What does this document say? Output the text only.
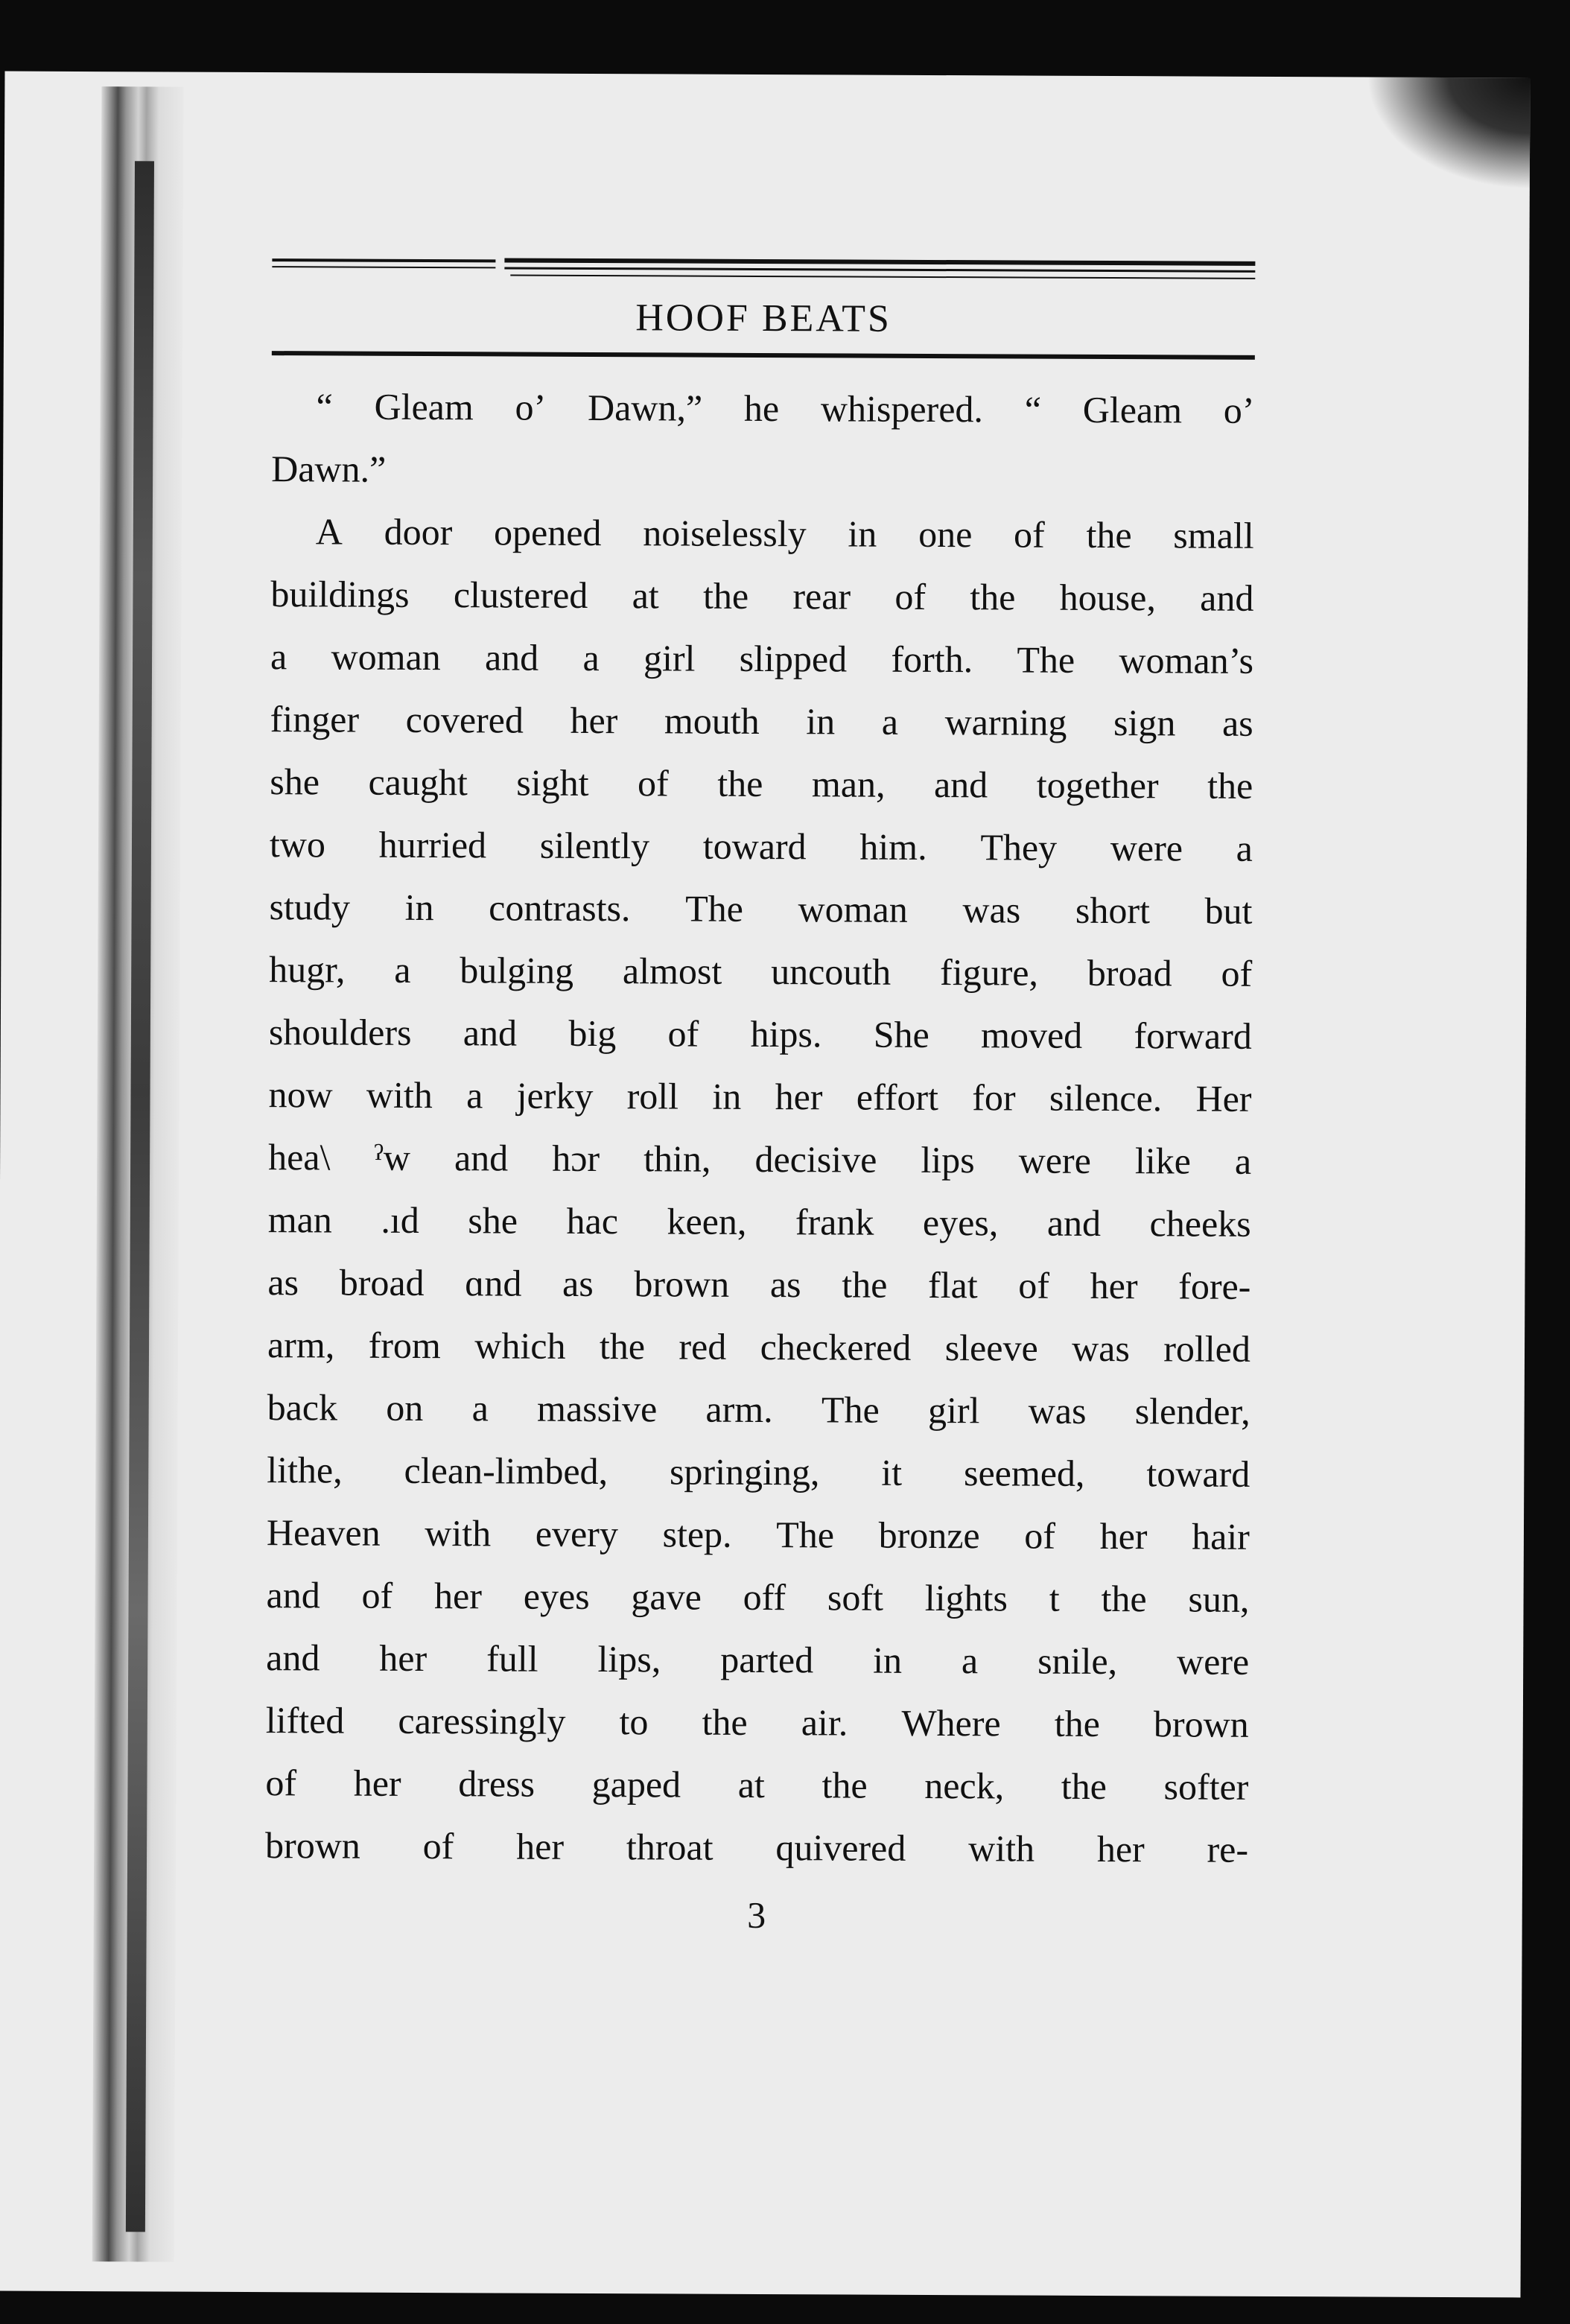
HOOF BEATS

“ Gleam o’ Dawn,” he whispered. “ Gleam o’
Dawn.”

A door opened noiselessly in one of the small
buildings clustered at the rear of the house, and
a woman and a girl slipped forth. The woman’s
finger covered her mouth in a warning sign as
she caught sight of the man, and together the
two hurried silently toward him. They were a
study in contrasts. The woman was short but
hugr, a bulging almost uncouth figure, broad of
shoulders and big of hips. She moved forward
now with a jerky roll in her effort for silence. Her
hea\ ˀw and hɔr thin, decisive lips were like a
man .ıd she hac keen, frank eyes, and cheeks
as broad ɑnd as brown as the flat of her fore-
arm, from which the red checkered sleeve was rolled
back on a massive arm. The girl was slender,
lithe, clean-limbed, springing, it seemed, toward
Heaven with every step. The bronze of her hair
and of her eyes gave off soft lights t the sun,
and her full lips, parted in a snile, were
lifted caressingly to the air. Where the brown
of her dress gaped at the neck, the softer
brown of her throat quivered with her re-

3
